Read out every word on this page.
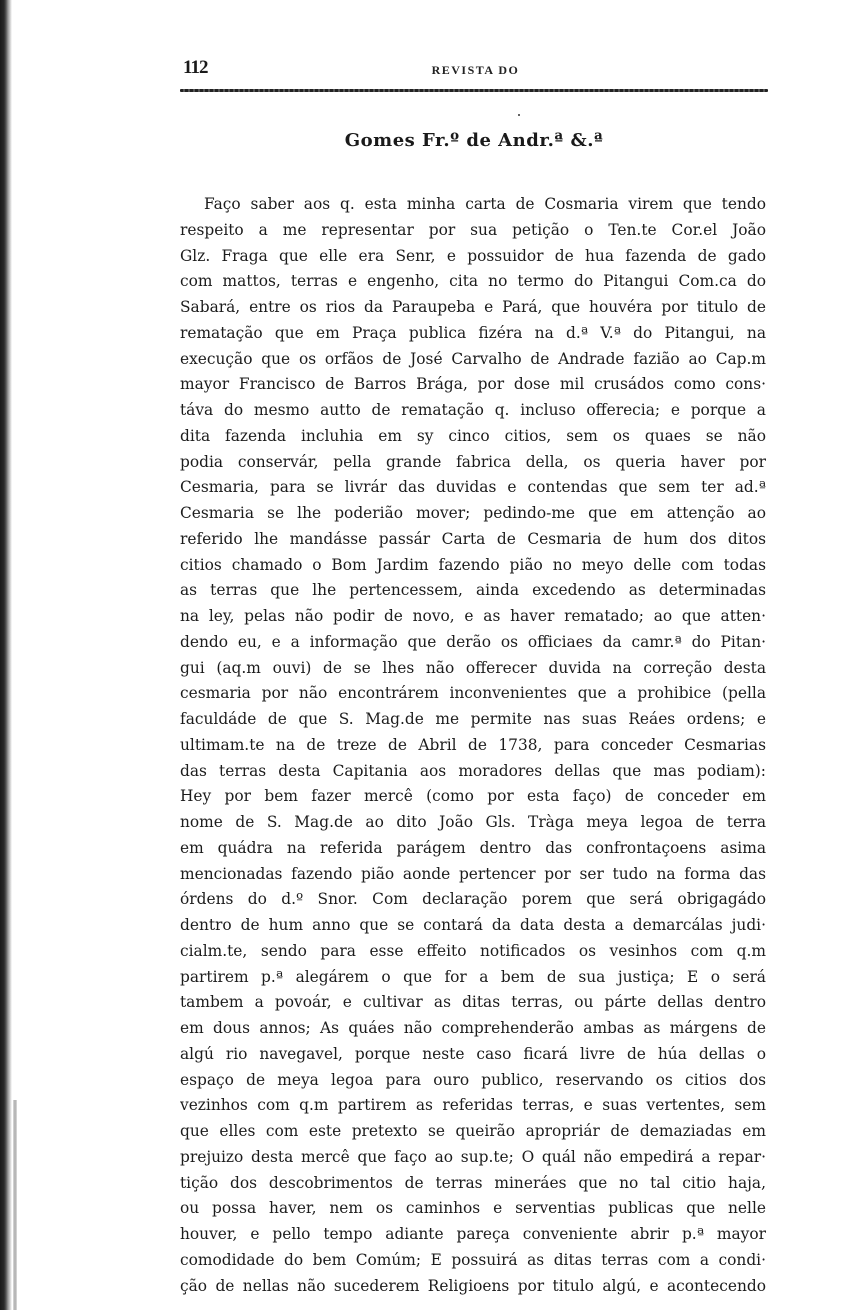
112	REVISTA DO
Gomes Fr.º de Andr.ª &.ª
Faço saber aos q. esta minha carta de Cosmaria virem que tendo
respeito a me representar por sua petição o Ten.te Cor.el João
Glz. Fraga que elle era Senr, e possuidor de hua fazenda de gado
com mattos, terras e engenho, cita no termo do Pitangui Com.ca do
Sabará, entre os rios da Paraupeba e Pará, que houvéra por titulo de
rematação que em Praça publica fizéra na d.ª V.ª do Pitangui, na
execução que os orfãos de José Carvalho de Andrade fazião ao Cap.m
mayor Francisco de Barros Brága, por dose mil crusádos como cons·
táva do mesmo autto de rematação q. incluso offerecia; e porque a
dita fazenda incluhia em sy cinco citios, sem os quaes se não
podia conservár, pella grande fabrica della, os queria haver por
Cesmaria, para se livrár das duvidas e contendas que sem ter ad.ª
Cesmaria se lhe poderião mover; pedindo-me que em attenção ao
referido lhe mandásse passár Carta de Cesmaria de hum dos ditos
citios chamado o Bom Jardim fazendo pião no meyo delle com todas
as terras que lhe pertencessem, ainda excedendo as determinadas
na ley, pelas não podir de novo, e as haver rematado; ao que atten·
dendo eu, e a informação que derão os officiaes da camr.ª do Pitan·
gui (aq.m ouvi) de se lhes não offerecer duvida na correção desta
cesmaria por não encontrárem inconvenientes que a prohibice (pella
faculdáde de que S. Mag.de me permite nas suas Reáes ordens; e
ultimam.te na de treze de Abril de 1738, para conceder Cesmarias
das terras desta Capitania aos moradores dellas que mas podiam):
Hey por bem fazer mercê (como por esta faço) de conceder em
nome de S. Mag.de ao dito João Gls. Tràga meya legoa de terra
em quádra na referida parágem dentro das confrontaçoens asima
mencionadas fazendo pião aonde pertencer por ser tudo na forma das
órdens do d.º Snor. Com declaração porem que será obrigagádo
dentro de hum anno que se contará da data desta a demarcálas judi·
cialm.te, sendo para esse effeito notificados os vesinhos com q.m
partirem p.ª alegárem o que for a bem de sua justiça; E o será
tambem a povoár, e cultivar as ditas terras, ou párte dellas dentro
em dous annos; As quáes não comprehenderão ambas as márgens de
algú rio navegavel, porque neste caso ficará livre de húa dellas o
espaço de meya legoa para ouro publico, reservando os citios dos
vezinhos com q.m partirem as referidas terras, e suas vertentes, sem
que elles com este pretexto se queirão apropriár de demaziadas em
prejuizo desta mercê que faço ao sup.te; O quál não empedirá a repar·
tição dos descobrimentos de terras mineráes que no tal citio haja,
ou possa haver, nem os caminhos e serventias publicas que nelle
houver, e pello tempo adiante pareça conveniente abrir p.ª mayor
comodidade do bem Comúm; E possuirá as ditas terras com a condi·
ção de nellas não sucederem Religioens por titulo algú, e acontecendo
